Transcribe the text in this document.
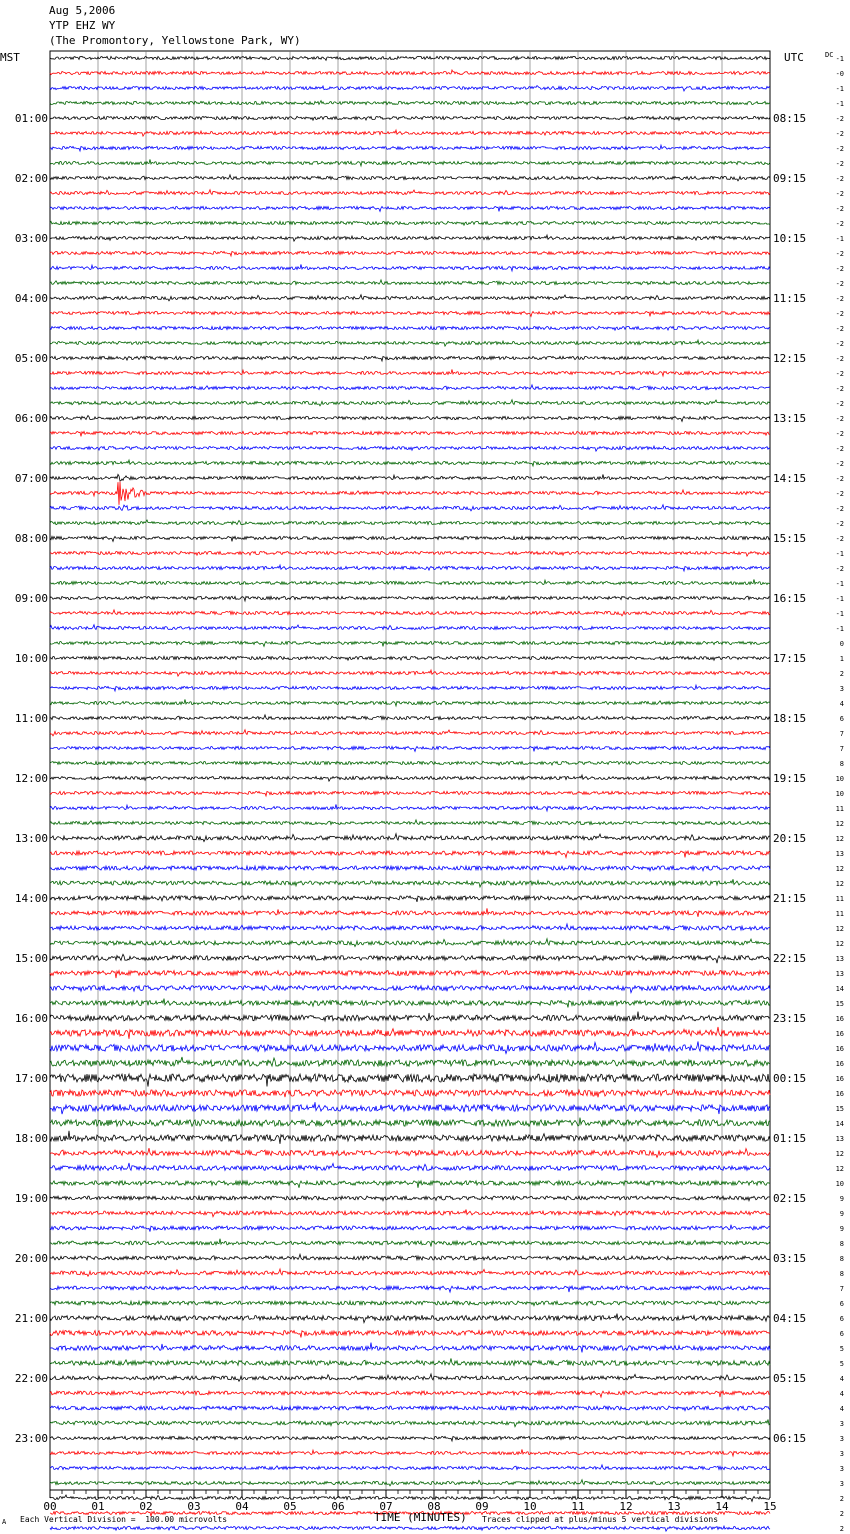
Aug 5,2006
YTP EHZ WY
(The Promontory, Yellowstone Park, WY)
-1
-0
-1
-1
-2
-2
-2
-2
-2
-2
-2
-2
-1
-2
-2
-2
-2
-2
-2
-2
-2
-2
-2
-2
-2
-2
-2
-2
-2
-2
-2
-2
-2
-1
-2
-1
-1
-1
-1
0
1
2
3
4
6
7
7
8
10
10
11
12
12
13
12
12
11
11
12
12
13
13
14
15
16
16
16
16
16
16
15
14
13
12
12
10
9
9
9
8
8
8
7
6
6
6
5
5
4
4
4
3
3
3
3
3
2
2
2
01:00	08:15
02:00	09:15
03:00	10:15
04:00	11:15
05:00	12:15
06:00	13:15
07:00	14:15
08:00	15:15
09:00	16:15
10:00	17:15
11:00	18:15
12:00	19:15
13:00	20:15
14:00	21:15
15:00	22:15
16:00	23:15
17:00	00:15
18:00	01:15
19:00	02:15
20:00	03:15
21:00	04:15
22:00	05:15
23:00	06:15
MST	UTC	DC
00	01	02	03	04	05	06	07	08	09	10	11	12	13	14	15
TIME (MINUTES)
A Each Vertical Division =  100.00 microvolts	Traces clipped at plus/minus 5 vertical divisions
